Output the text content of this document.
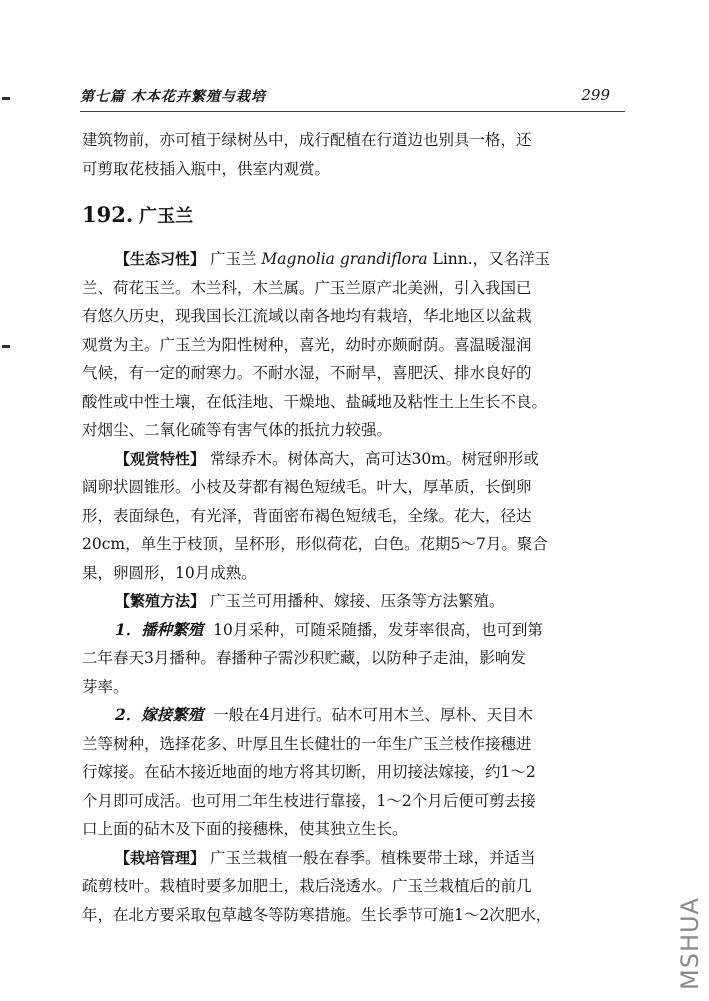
第七篇 木本花卉繁殖与栽培	299

建筑物前，亦可植于绿树丛中，成行配植在行道边也别具一格，还

可剪取花枝插入瓶中，供室内观赏。

192. 广玉兰

【生态习性】 广玉兰 Magnolia grandiflora Linn.，又名洋玉

兰、荷花玉兰。木兰科，木兰属。广玉兰原产北美洲，引入我国已

有悠久历史，现我国长江流域以南各地均有栽培，华北地区以盆栽

观赏为主。广玉兰为阳性树种，喜光，幼时亦颇耐荫。喜温暖湿润

气候，有一定的耐寒力。不耐水湿，不耐旱，喜肥沃、排水良好的

酸性或中性土壤，在低洼地、干燥地、盐碱地及粘性土上生长不良。

对烟尘、二氧化硫等有害气体的抵抗力较强。

【观赏特性】 常绿乔木。树体高大，高可达30m。树冠卵形或

阔卵状圆锥形。小枝及芽都有褐色短绒毛。叶大，厚革质，长倒卵

形，表面绿色，有光泽，背面密布褐色短绒毛，全缘。花大，径达

20cm，单生于枝顶，呈杯形，形似荷花，白色。花期5～7月。聚合

果，卵圆形，10月成熟。

【繁殖方法】 广玉兰可用播种、嫁接、压条等方法繁殖。

1．播种繁殖 10月采种，可随采随播，发芽率很高，也可到第

二年春天3月播种。春播种子需沙积贮藏，以防种子走油，影响发

芽率。

2．嫁接繁殖 一般在4月进行。砧木可用木兰、厚朴、天目木

兰等树种，选择花多、叶厚且生长健壮的一年生广玉兰枝作接穗进

行嫁接。在砧木接近地面的地方将其切断，用切接法嫁接，约1～2

个月即可成活。也可用二年生枝进行靠接，1～2个月后便可剪去接

口上面的砧木及下面的接穗株，使其独立生长。

【栽培管理】 广玉兰栽植一般在春季。植株要带土球，并适当

疏剪枝叶。栽植时要多加肥土，栽后浇透水。广玉兰栽植后的前几

年，在北方要采取包草越冬等防寒措施。生长季节可施1～2次肥水，	MSHUA
